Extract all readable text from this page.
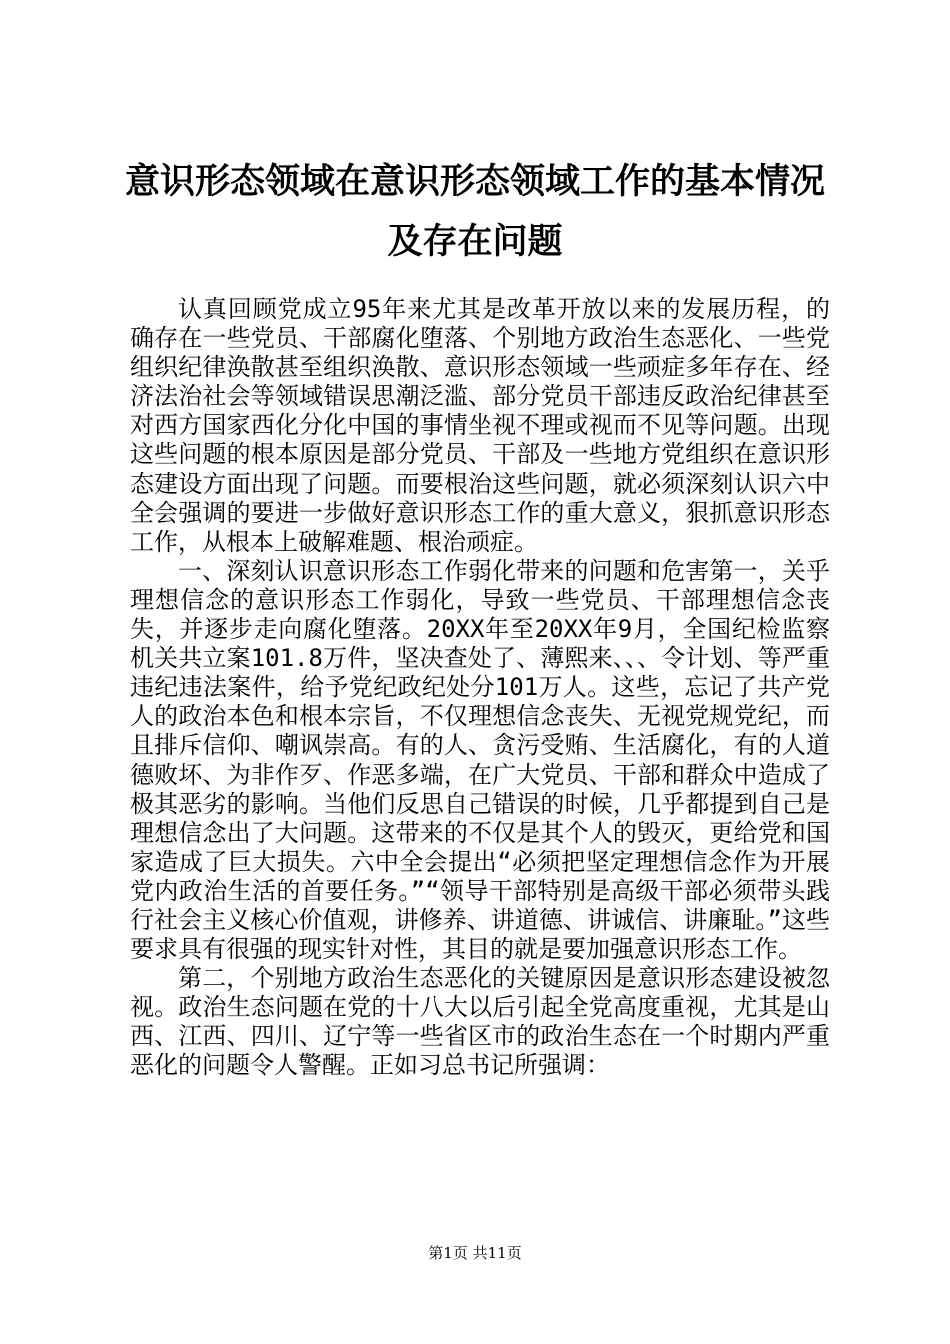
意识形态领域在意识形态领域工作的基本情况
及存在问题

认真回顾党成立95年来尤其是改革开放以来的发展历程，的确存在一些党员、干部腐化堕落、个别地方政治生态恶化、一些党组织纪律涣散甚至组织涣散、意识形态领域一些顽症多年存在、经济法治社会等领域错误思潮泛滥、部分党员干部违反政治纪律甚至对西方国家西化分化中国的事情坐视不理或视而不见等问题。出现这些问题的根本原因是部分党员、干部及一些地方党组织在意识形态建设方面出现了问题。而要根治这些问题，就必须深刻认识六中全会强调的要进一步做好意识形态工作的重大意义，狠抓意识形态工作，从根本上破解难题、根治顽症。

一、深刻认识意识形态工作弱化带来的问题和危害第一，关乎理想信念的意识形态工作弱化，导致一些党员、干部理想信念丧失，并逐步走向腐化堕落。20XX年至20XX年9月，全国纪检监察机关共立案101.8万件，坚决查处了、薄熙来、、、令计划、等严重违纪违法案件，给予党纪政纪处分101万人。这些，忘记了共产党人的政治本色和根本宗旨，不仅理想信念丧失、无视党规党纪，而且排斥信仰、嘲讽崇高。有的人、贪污受贿、生活腐化，有的人道德败坏、为非作歹、作恶多端，在广大党员、干部和群众中造成了极其恶劣的影响。当他们反思自己错误的时候，几乎都提到自己是理想信念出了大问题。这带来的不仅是其个人的毁灭，更给党和国家造成了巨大损失。六中全会提出“必须把坚定理想信念作为开展党内政治生活的首要任务。”“领导干部特别是高级干部必须带头践行社会主义核心价值观，讲修养、讲道德、讲诚信、讲廉耻。”这些要求具有很强的现实针对性，其目的就是要加强意识形态工作。

第二，个别地方政治生态恶化的关键原因是意识形态建设被忽视。政治生态问题在党的十八大以后引起全党高度重视，尤其是山西、江西、四川、辽宁等一些省区市的政治生态在一个时期内严重恶化的问题令人警醒。正如习总书记所强调：

第1页 共11页
